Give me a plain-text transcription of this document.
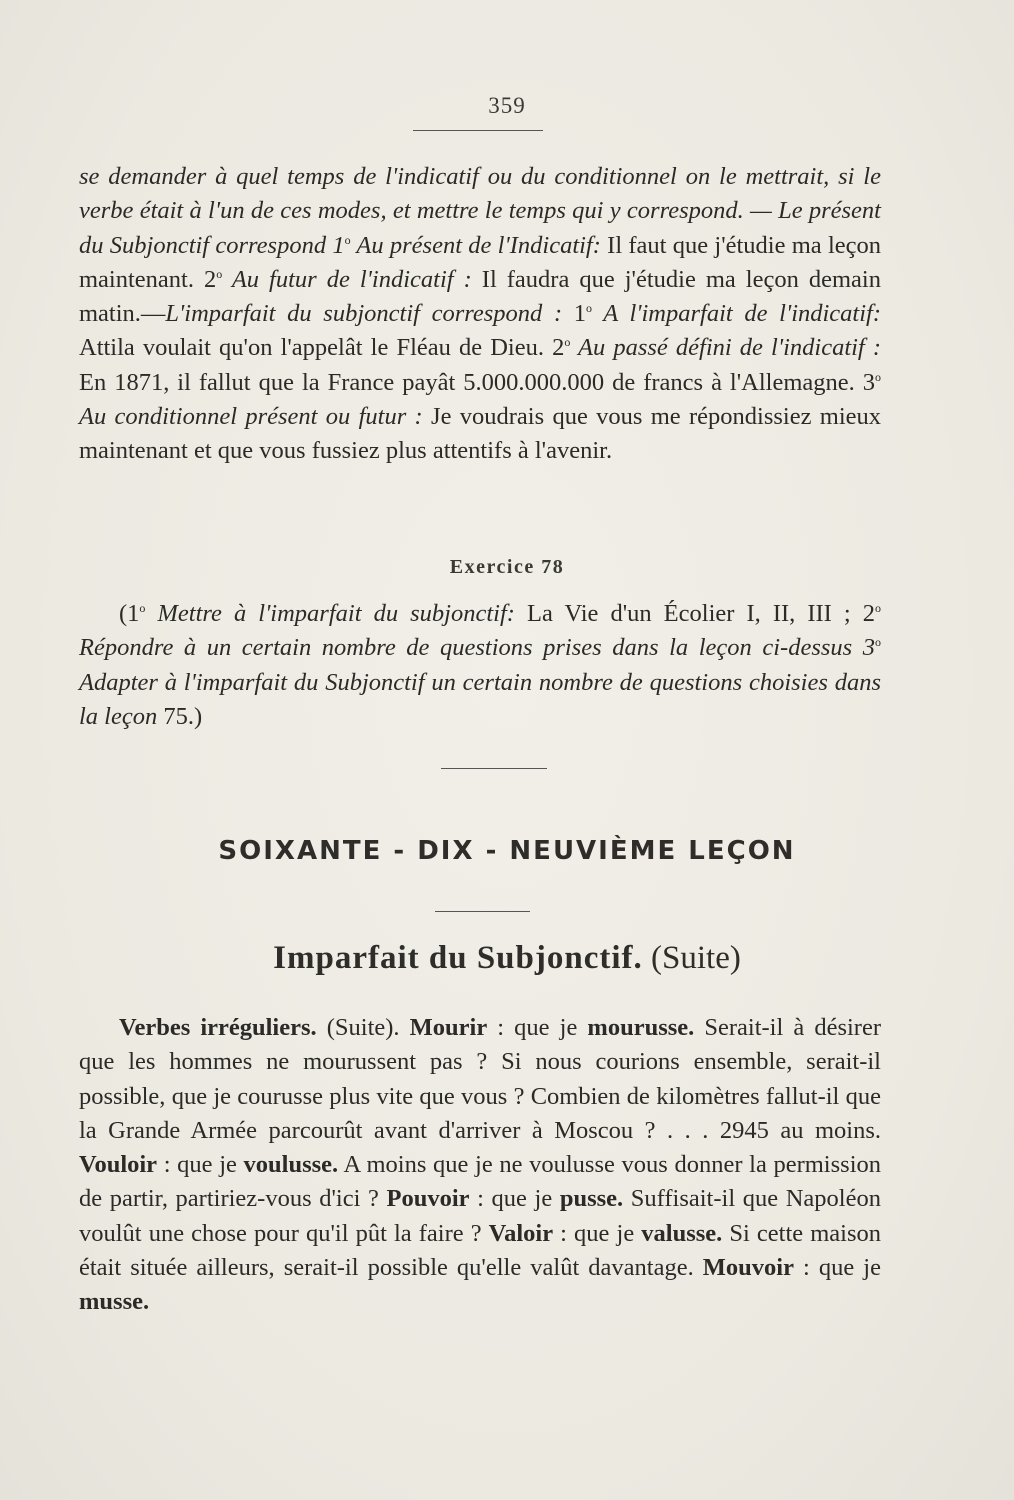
359

se demander à quel temps de l'indicatif ou du conditionnel on le mettrait, si le verbe était à l'un de ces modes, et mettre le temps qui y correspond. — Le présent du Subjonctif correspond 1$^o$ Au présent de l'Indicatif: Il faut que j'étudie ma leçon maintenant. 2$^o$ Au futur de l'indicatif : Il faudra que j'étudie ma leçon demain matin.—L'imparfait du subjonctif correspond : 1$^o$ A l'imparfait de l'indicatif: Attila voulait qu'on l'appelât le Fléau de Dieu. 2$^o$ Au passé défini de l'indicatif : En 1871, il fallut que la France payât 5.000.000.000 de francs à l'Allemagne. 3$^o$ Au conditionnel présent ou futur : Je voudrais que vous me répondissiez mieux maintenant et que vous fussiez plus attentifs à l'avenir.

Exercice 78

(1$^o$ Mettre à l'imparfait du subjonctif: La Vie d'un Écolier I, II, III ; 2$^o$ Répondre à un certain nombre de questions prises dans la leçon ci-dessus 3$^o$ Adapter à l'imparfait du Subjonctif un certain nombre de questions choisies dans la leçon 75.)

SOIXANTE - DIX - NEUVIÈME LEÇON
Imparfait du Subjonctif. (Suite)

Verbes irréguliers. (Suite). Mourir : que je mourusse. Serait-il à désirer que les hommes ne mourussent pas ? Si nous courions ensemble, serait-il possible, que je courusse plus vite que vous ? Combien de kilomètres fallut-il que la Grande Armée parcourût avant d'arriver à Moscou ? . . . 2945 au moins. Vouloir : que je voulusse. A moins que je ne voulusse vous donner la permission de partir, partiriez-vous d'ici ? Pouvoir : que je pusse. Suffisait-il que Napoléon voulût une chose pour qu'il pût la faire ? Valoir : que je valusse. Si cette maison était située ailleurs, serait-il possible qu'elle valût davantage. Mouvoir : que je musse.
